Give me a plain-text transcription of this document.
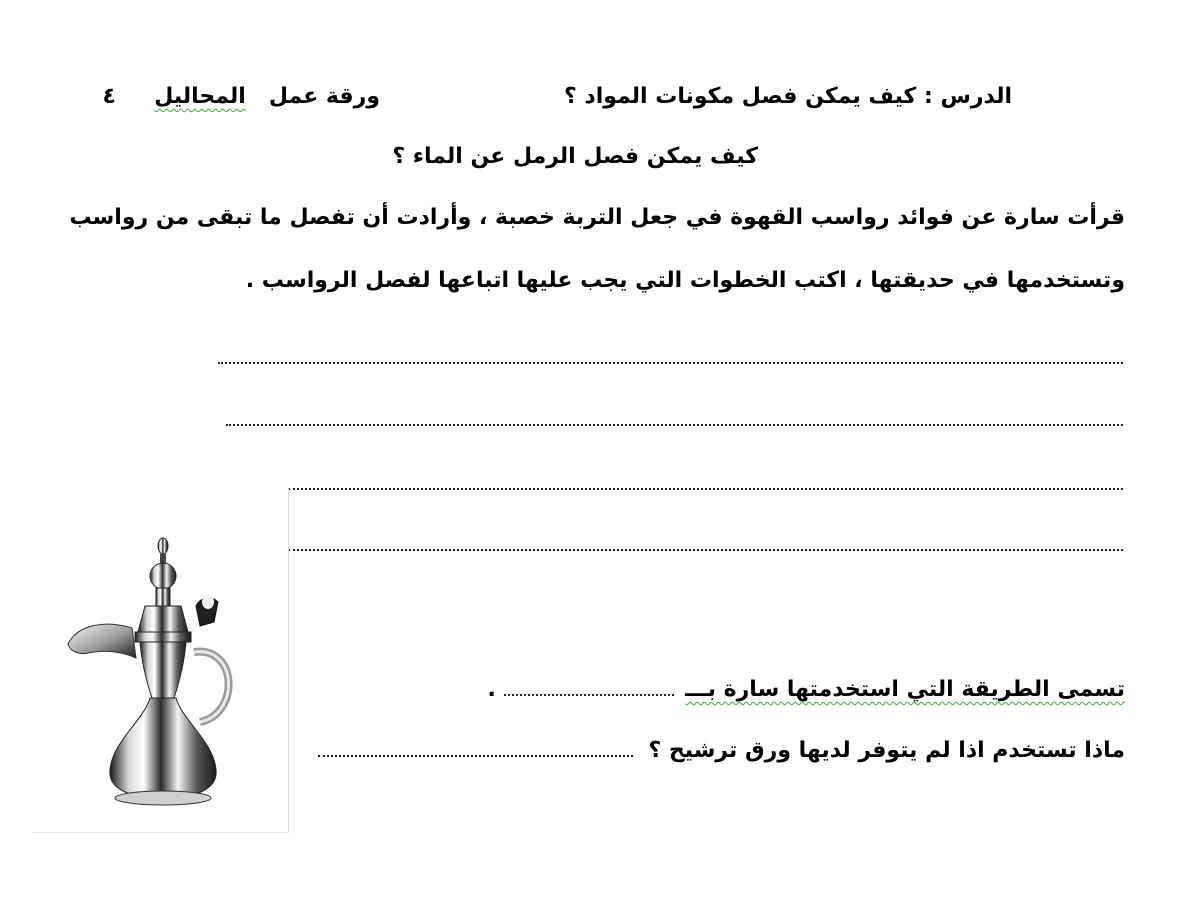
الدرس : كيف يمكن فصل مكونات المواد ؟
ورقة عمل   المحاليل     ٤
كيف يمكن فصل الرمل عن الماء ؟
قرأت سارة عن فوائد رواسب القهوة في جعل التربة خصبة ، وأرادت أن تفصل ما تبقى من رواسب
وتستخدمها في حديقتها ، اكتب الخطوات التي يجب عليها اتباعها لفصل الرواسب .
تسمى الطريقة التي استخدمتها سارة بـــ  .
ماذا تستخدم اذا لم يتوفر لديها ورق ترشيح ؟
